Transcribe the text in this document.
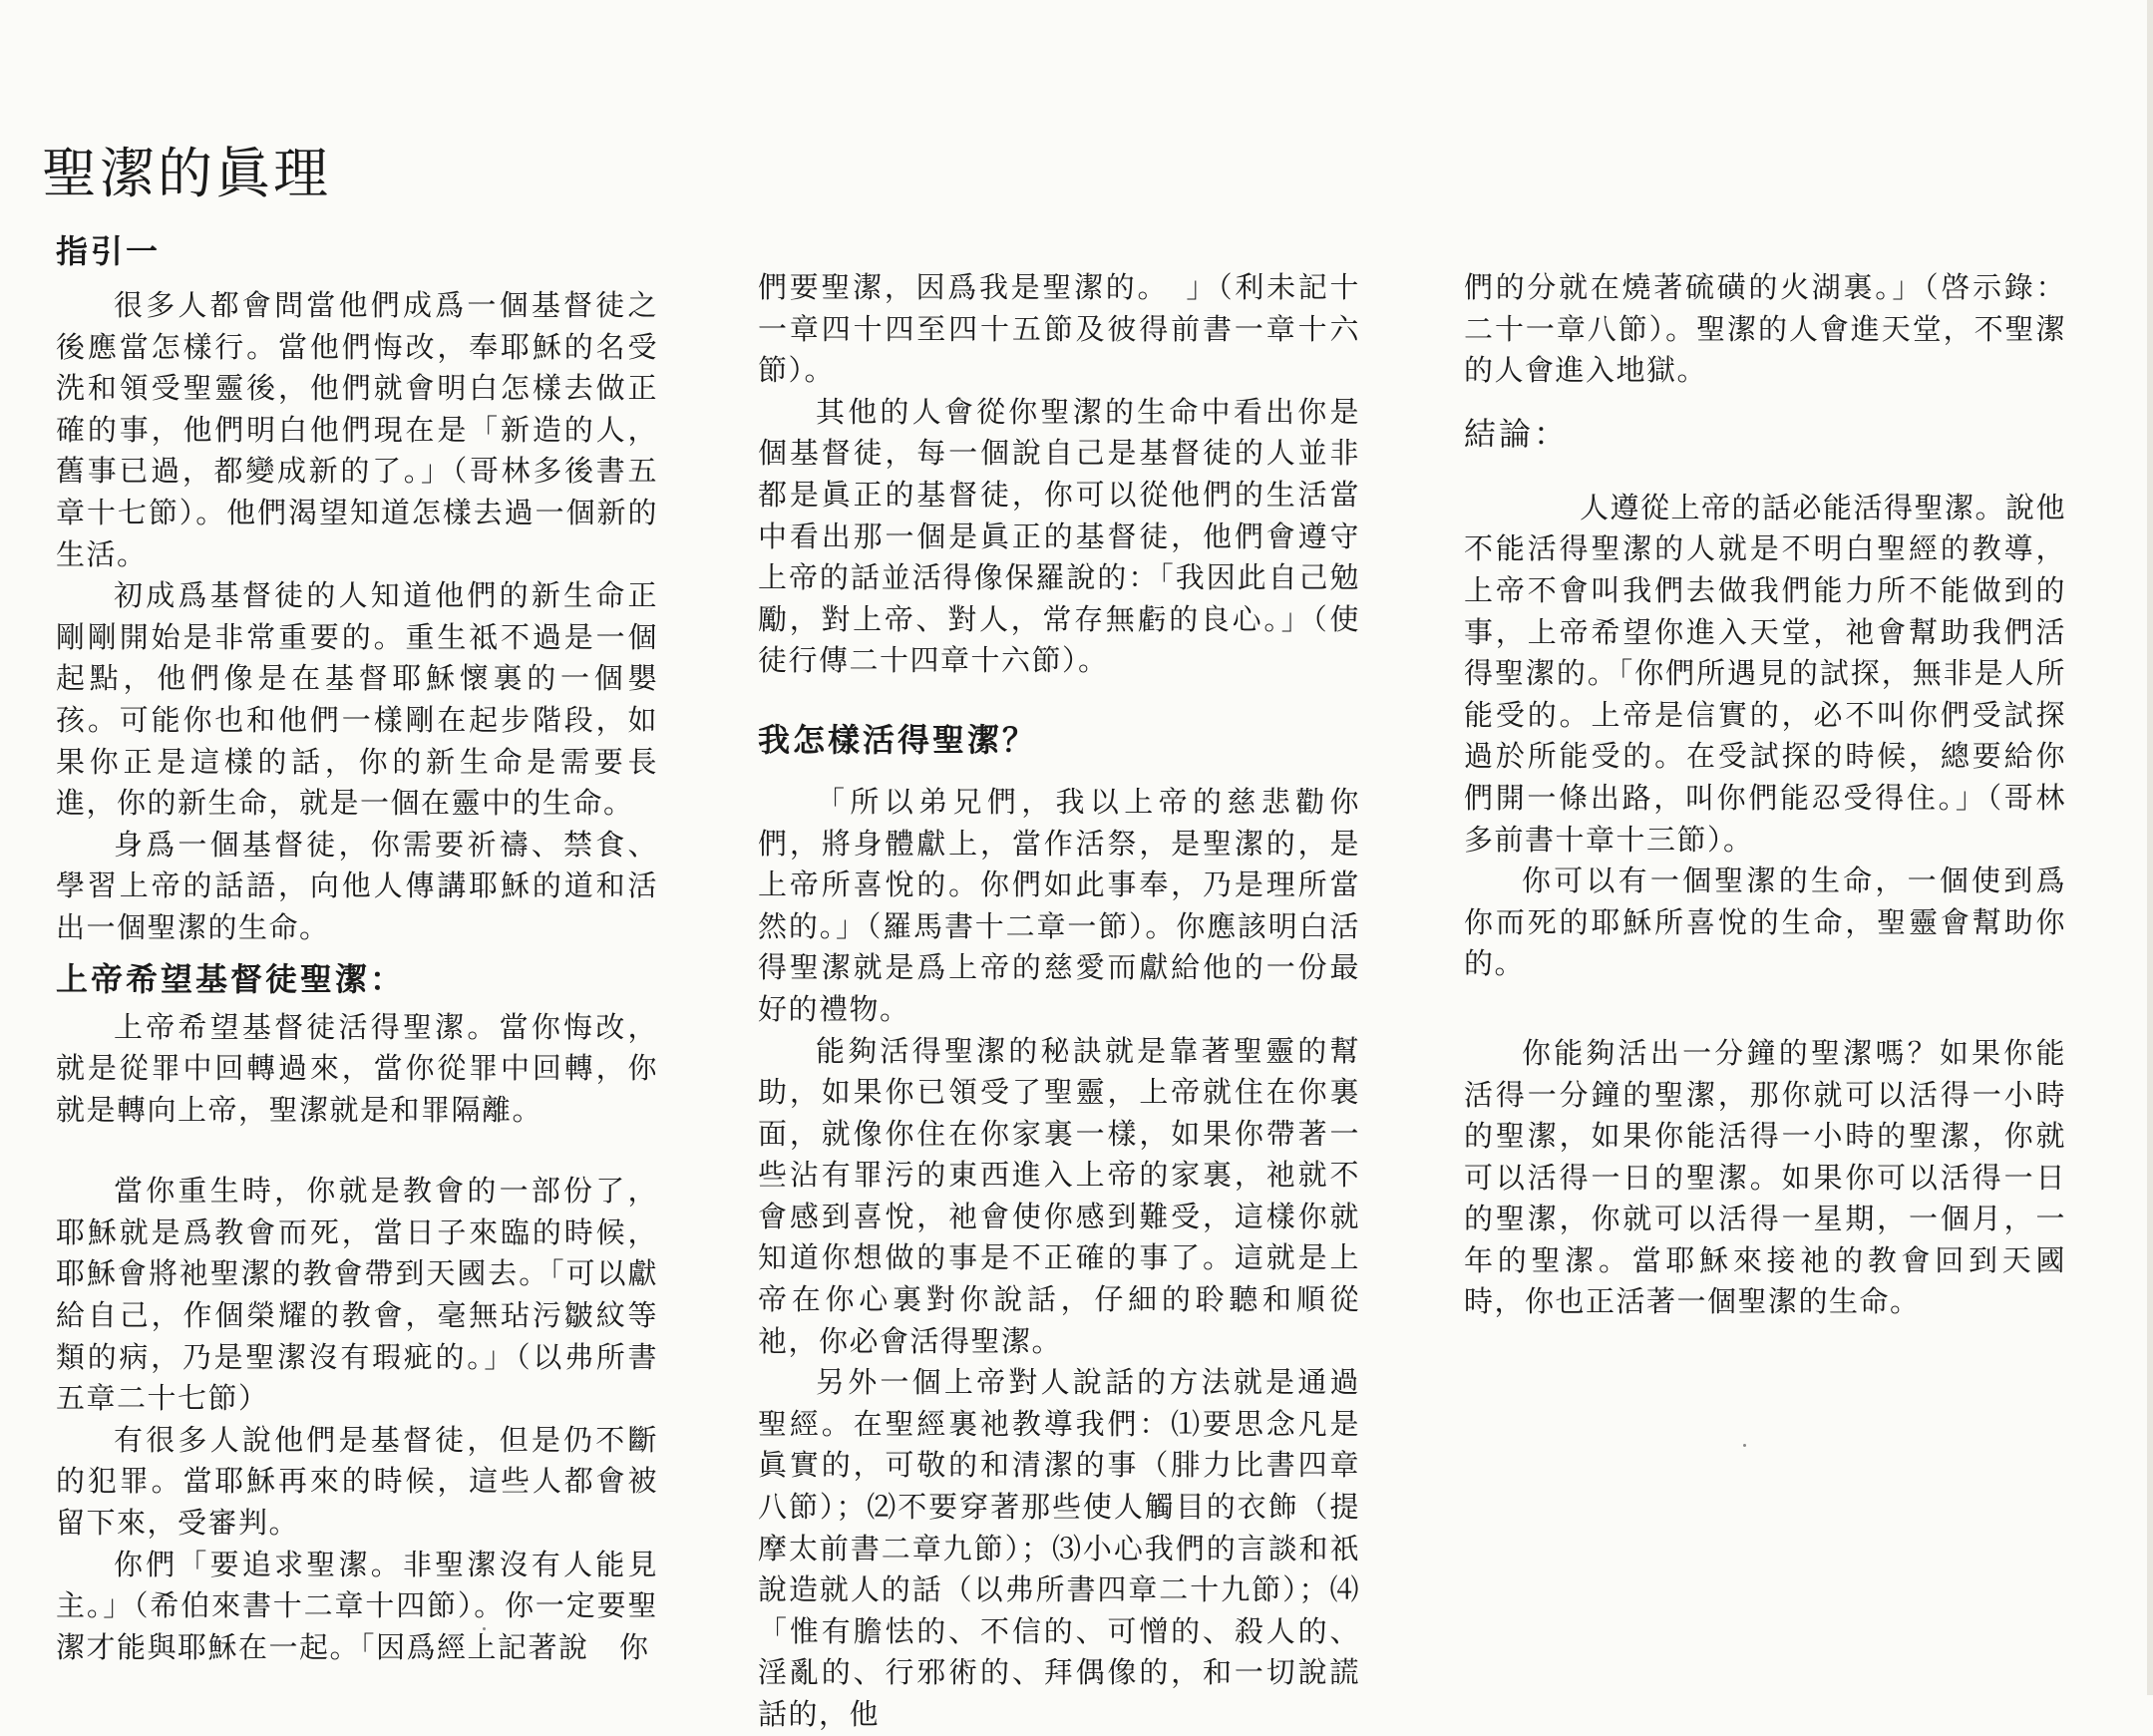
聖潔的眞理
指引一

很多人都會問當他們成爲一個基督徒之後應當怎樣行。當他們悔改，奉耶穌的名受洗和領受聖靈後，他們就會明白怎樣去做正確的事，他們明白他們現在是「新造的人，舊事已過，都變成新的了。」（哥林多後書五章十七節）。他們渴望知道怎樣去過一個新的生活。

初成爲基督徒的人知道他們的新生命正剛剛開始是非常重要的。重生祗不過是一個起點，他們像是在基督耶穌懷裏的一個嬰孩。可能你也和他們一樣剛在起步階段，如果你正是這樣的話，你的新生命是需要長進，你的新生命，就是一個在靈中的生命。

身爲一個基督徒，你需要祈禱、禁食、學習上帝的話語，向他人傳講耶穌的道和活出一個聖潔的生命。

上帝希望基督徒聖潔：

上帝希望基督徒活得聖潔。當你悔改，就是從罪中回轉過來，當你從罪中回轉，你就是轉向上帝，聖潔就是和罪隔離。

當你重生時，你就是教會的一部份了，耶穌就是爲教會而死，當日子來臨的時候，耶穌會將祂聖潔的教會帶到天國去。「可以獻給自己，作個榮耀的教會，毫無玷污皺紋等類的病，乃是聖潔沒有瑕疵的。」（以弗所書五章二十七節）

有很多人說他們是基督徒，但是仍不斷的犯罪。當耶穌再來的時候，這些人都會被留下來，受審判。

你們「要追求聖潔。非聖潔沒有人能見主。」（希伯來書十二章十四節）。你一定要聖潔才能與耶穌在一起。「因爲經上記著說　你

們要聖潔，因爲我是聖潔的。　」（利未記十一章四十四至四十五節及彼得前書一章十六節）。

其他的人會從你聖潔的生命中看出你是個基督徒，每一個說自己是基督徒的人並非都是眞正的基督徒，你可以從他們的生活當中看出那一個是眞正的基督徒，他們會遵守上帝的話並活得像保羅說的：「我因此自己勉勵，對上帝、對人，常存無虧的良心。」（使徒行傳二十四章十六節）。

我怎樣活得聖潔？

「所以弟兄們，我以上帝的慈悲勸你們，將身體獻上，當作活祭，是聖潔的，是上帝所喜悅的。你們如此事奉，乃是理所當然的。」（羅馬書十二章一節）。你應該明白活得聖潔就是爲上帝的慈愛而獻給他的一份最好的禮物。

能夠活得聖潔的秘訣就是靠著聖靈的幫助，如果你已領受了聖靈，上帝就住在你裏面，就像你住在你家裏一樣，如果你帶著一些沾有罪污的東西進入上帝的家裏，祂就不會感到喜悅，祂會使你感到難受，這樣你就知道你想做的事是不正確的事了。這就是上帝在你心裏對你說話，仔細的聆聽和順從祂，你必會活得聖潔。

另外一個上帝對人說話的方法就是通過聖經。在聖經裏祂教導我們：⑴要思念凡是眞實的，可敬的和清潔的事（腓力比書四章八節）；⑵不要穿著那些使人觸目的衣飾（提摩太前書二章九節）；⑶小心我們的言談和祇說造就人的話（以弗所書四章二十九節）；⑷「惟有膽怯的、不信的、可憎的、殺人的、淫亂的、行邪術的、拜偶像的，和一切說謊話的，他

們的分就在燒著硫磺的火湖裏。」（啓示錄：二十一章八節）。聖潔的人會進天堂，不聖潔的人會進入地獄。

結論：

人遵從上帝的話必能活得聖潔。說他不能活得聖潔的人就是不明白聖經的教導，上帝不會叫我們去做我們能力所不能做到的事，上帝希望你進入天堂，祂會幫助我們活得聖潔的。「你們所遇見的試探，無非是人所能受的。上帝是信實的，必不叫你們受試探過於所能受的。在受試探的時候，總要給你們開一條出路，叫你們能忍受得住。」（哥林多前書十章十三節）。

你可以有一個聖潔的生命，一個使到爲你而死的耶穌所喜悅的生命，聖靈會幫助你的。

你能夠活出一分鐘的聖潔嗎？如果你能活得一分鐘的聖潔，那你就可以活得一小時的聖潔，如果你能活得一小時的聖潔，你就可以活得一日的聖潔。如果你可以活得一日的聖潔，你就可以活得一星期，一個月，一年的聖潔。當耶穌來接祂的教會回到天國時，你也正活著一個聖潔的生命。
